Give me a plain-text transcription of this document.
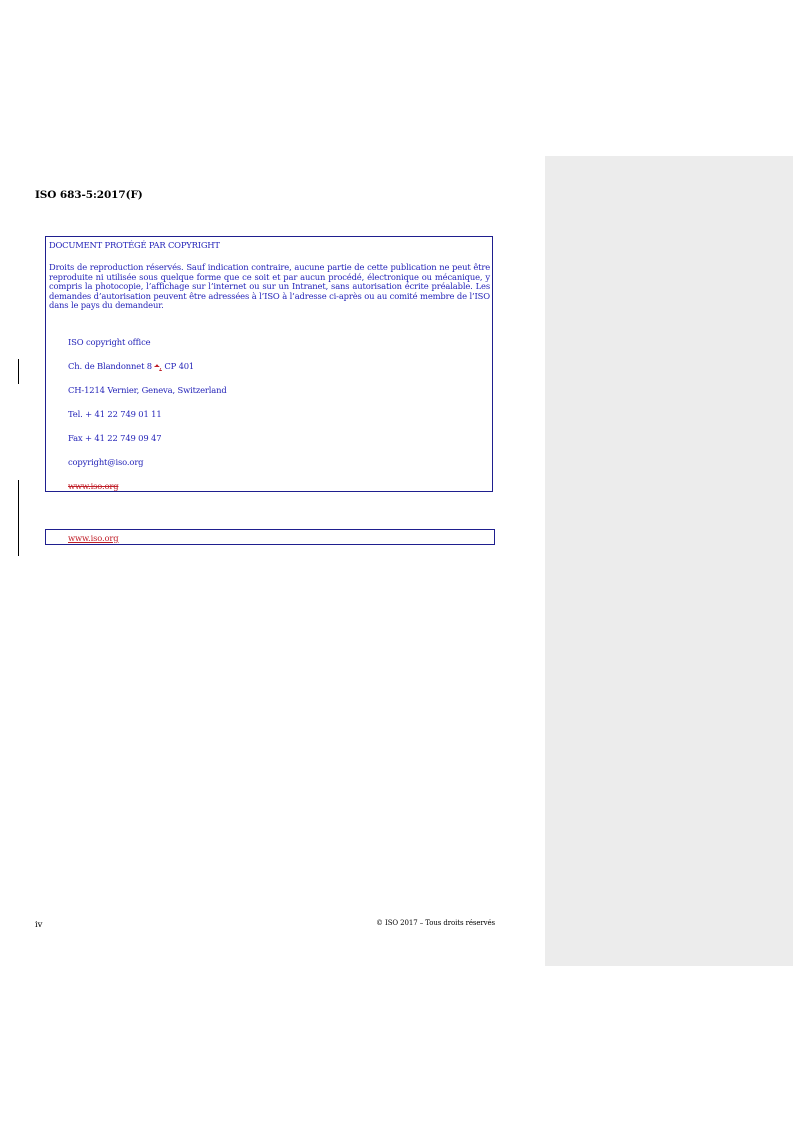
ISO 683-5:2017(F)
DOCUMENT PROTÉGÉ PAR COPYRIGHT
Droits de reproduction réservés. Sauf indication contraire, aucune partie de cette publication ne peut être reproduite ni utilisée sous quelque forme que ce soit et par aucun procédé, électronique ou mécanique, y compris la photocopie, l’affichage sur l’internet ou sur un Intranet, sans autorisation écrite préalable. Les demandes d’autorisation peuvent être adressées à l’ISO à l’adresse ci-après ou au comité membre de l’ISO dans le pays du demandeur.
ISO copyright office
Ch. de Blandonnet 8 •, CP 401
CH-1214 Vernier, Geneva, Switzerland
Tel. + 41 22 749 01 11
Fax + 41 22 749 09 47
copyright@iso.org
www.iso.org
www.iso.org
iv	© ISO 2017 – Tous droits réservés
